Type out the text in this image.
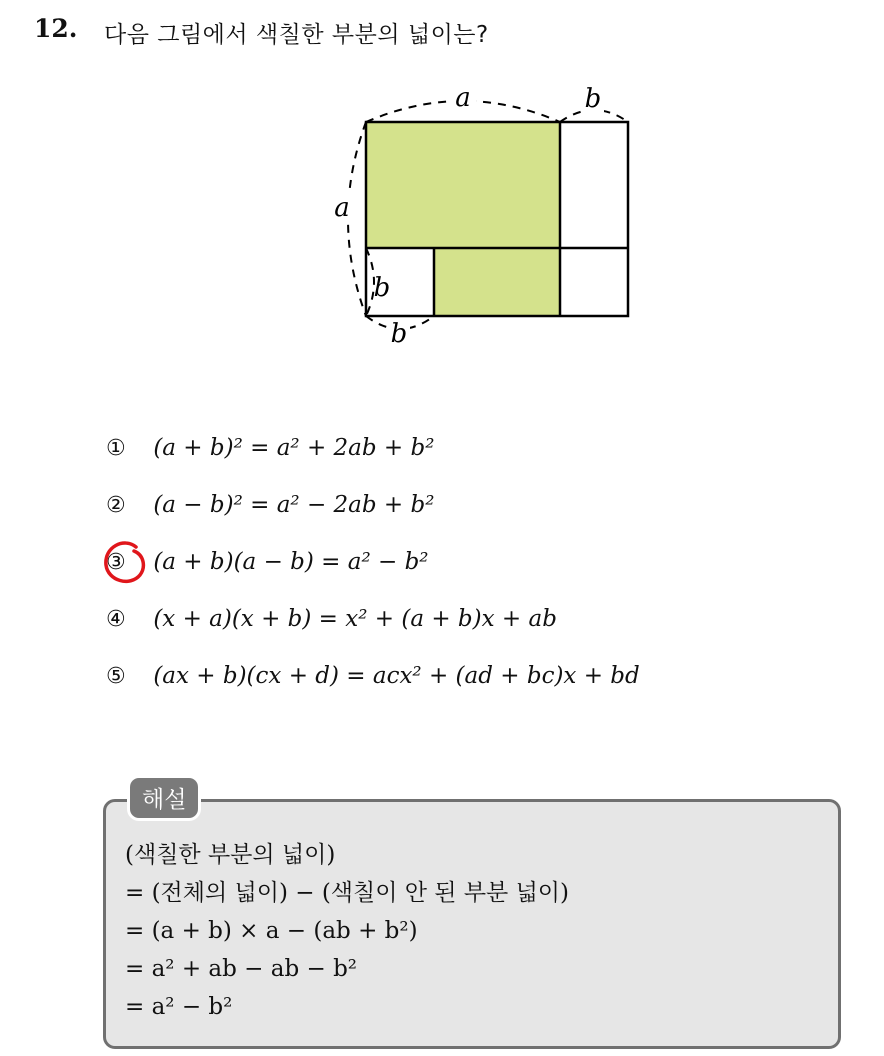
12. 다음 그림에서 색칠한 부분의 넓이는?
a	b
a
b
b
① (a + b)² = a² + 2ab + b²
② (a − b)² = a² − 2ab + b²
③ (a + b)(a − b) = a² − b²
④ (x + a)(x + b) = x² + (a + b)x + ab
⑤ (ax + b)(cx + d) = acx² + (ad + bc)x + bd
해설
(색칠한 부분의 넓이)
= (전체의 넓이) − (색칠이 안 된 부분 넓이)
= (a + b) × a − (ab + b²)
= a² + ab − ab − b²
= a² − b²
